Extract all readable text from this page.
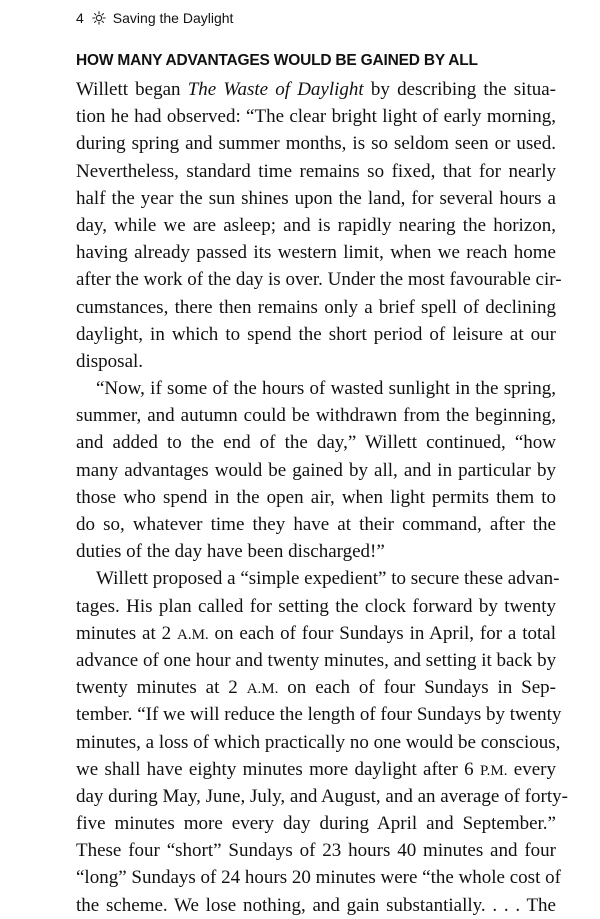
4 Saving the Daylight
HOW MANY ADVANTAGES WOULD BE GAINED BY ALL
Willett began The Waste of Daylight by describing the situa-
tion he had observed: “The clear bright light of early morning,
during spring and summer months, is so seldom seen or used.
Nevertheless, standard time remains so fixed, that for nearly
half the year the sun shines upon the land, for several hours a
day, while we are asleep; and is rapidly nearing the horizon,
having already passed its western limit, when we reach home
after the work of the day is over. Under the most favourable cir-
cumstances, there then remains only a brief spell of declining
daylight, in which to spend the short period of leisure at our
disposal.
“Now, if some of the hours of wasted sunlight in the spring,
summer, and autumn could be withdrawn from the beginning,
and added to the end of the day,” Willett continued, “how
many advantages would be gained by all, and in particular by
those who spend in the open air, when light permits them to
do so, whatever time they have at their command, after the
duties of the day have been discharged!”
Willett proposed a “simple expedient” to secure these advan-
tages. His plan called for setting the clock forward by twenty
minutes at 2 A.M. on each of four Sundays in April, for a total
advance of one hour and twenty minutes, and setting it back by
twenty minutes at 2 A.M. on each of four Sundays in Sep-
tember. “If we will reduce the length of four Sundays by twenty
minutes, a loss of which practically no one would be conscious,
we shall have eighty minutes more daylight after 6 P.M. every
day during May, June, July, and August, and an average of forty-
five minutes more every day during April and September.”
These four “short” Sundays of 23 hours 40 minutes and four
“long” Sundays of 24 hours 20 minutes were “the whole cost of
the scheme. We lose nothing, and gain substantially. . . . The
